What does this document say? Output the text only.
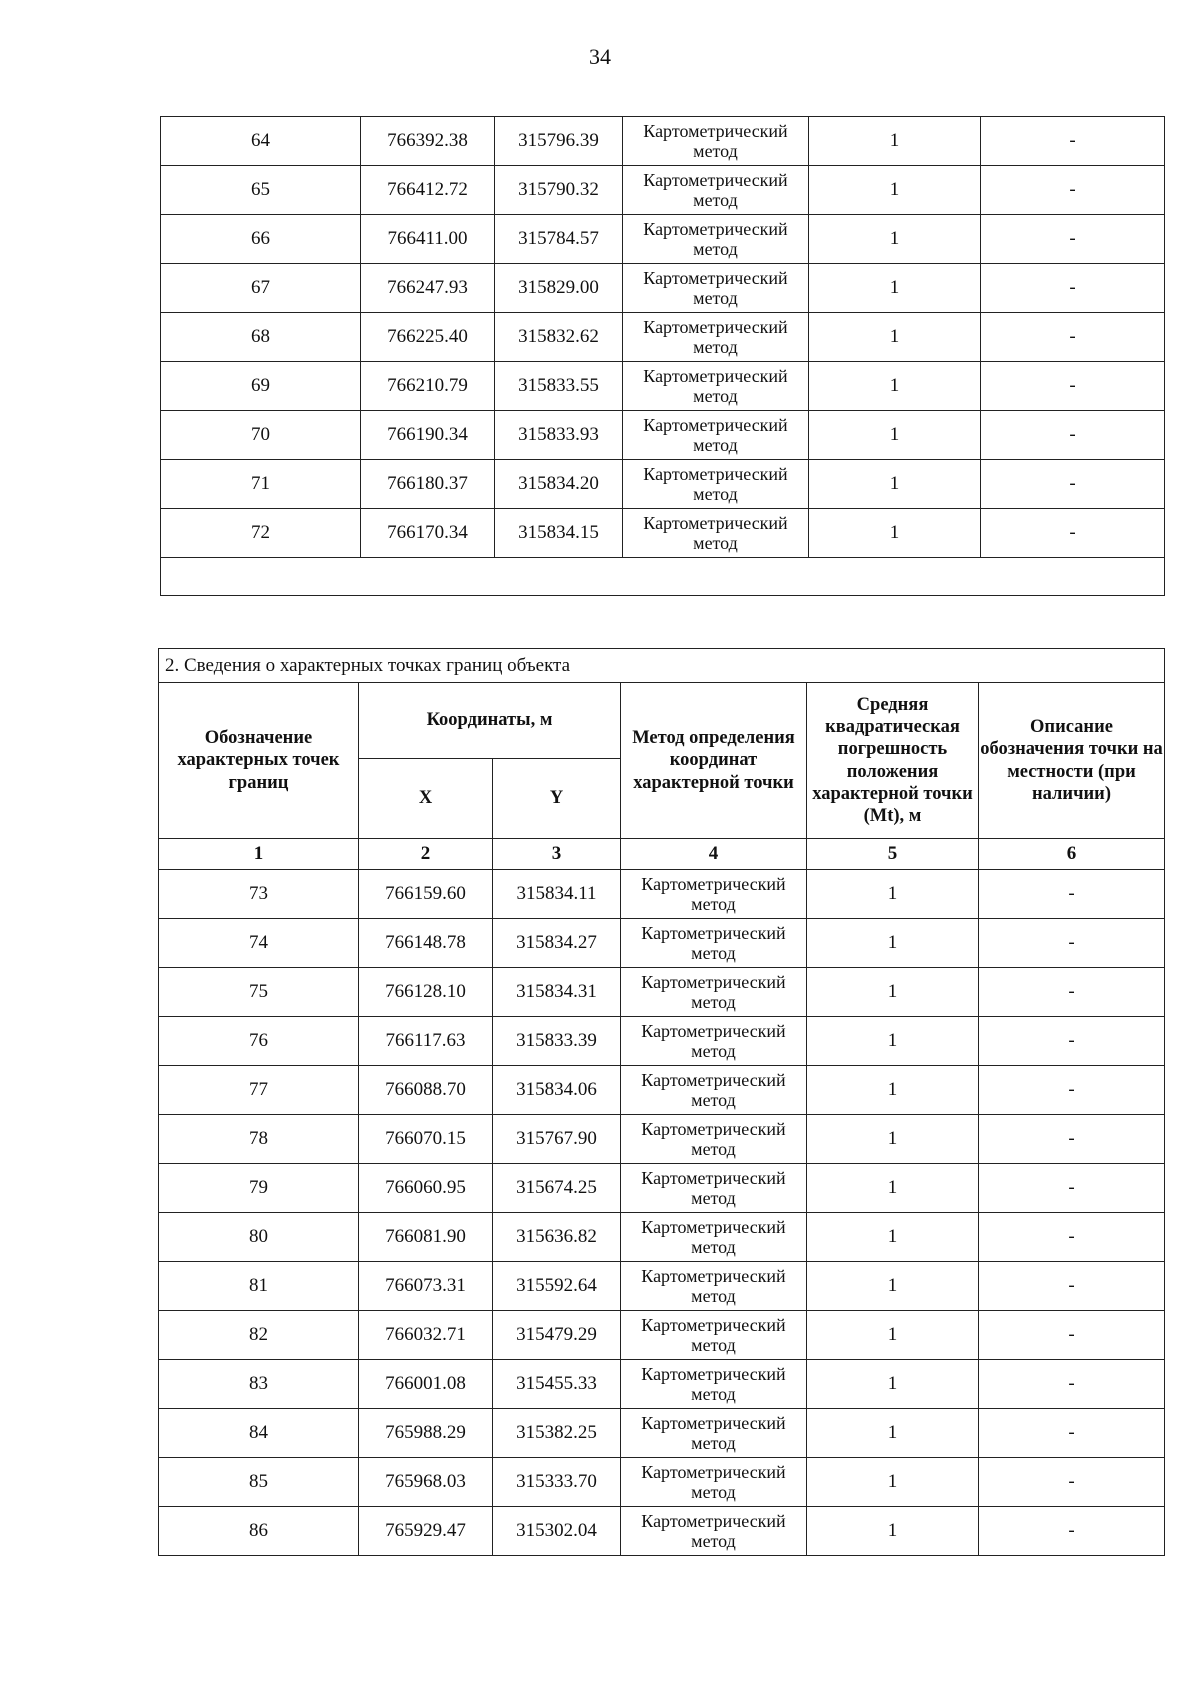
34
64	766392.38	315796.39	Картометрический метод	1	-
65	766412.72	315790.32	Картометрический метод	1	-
66	766411.00	315784.57	Картометрический метод	1	-
67	766247.93	315829.00	Картометрический метод	1	-
68	766225.40	315832.62	Картометрический метод	1	-
69	766210.79	315833.55	Картометрический метод	1	-
70	766190.34	315833.93	Картометрический метод	1	-
71	766180.37	315834.20	Картометрический метод	1	-
72	766170.34	315834.15	Картометрический метод	1	-

2. Сведения о характерных точках границ объекта					
Обозначение характерных точек границ	Координаты, м		Метод определения координат характерной точки	Средняя квадратическая погрешность положения характерной точки (Mt), м	Описание обозначения точки на местности (при наличии)
	X	Y			
1	2	3	4	5	6
73	766159.60	315834.11	Картометрический метод	1	-
74	766148.78	315834.27	Картометрический метод	1	-
75	766128.10	315834.31	Картометрический метод	1	-
76	766117.63	315833.39	Картометрический метод	1	-
77	766088.70	315834.06	Картометрический метод	1	-
78	766070.15	315767.90	Картометрический метод	1	-
79	766060.95	315674.25	Картометрический метод	1	-
80	766081.90	315636.82	Картометрический метод	1	-
81	766073.31	315592.64	Картометрический метод	1	-
82	766032.71	315479.29	Картометрический метод	1	-
83	766001.08	315455.33	Картометрический метод	1	-
84	765988.29	315382.25	Картометрический метод	1	-
85	765968.03	315333.70	Картометрический метод	1	-
86	765929.47	315302.04	Картометрический метод	1	-
